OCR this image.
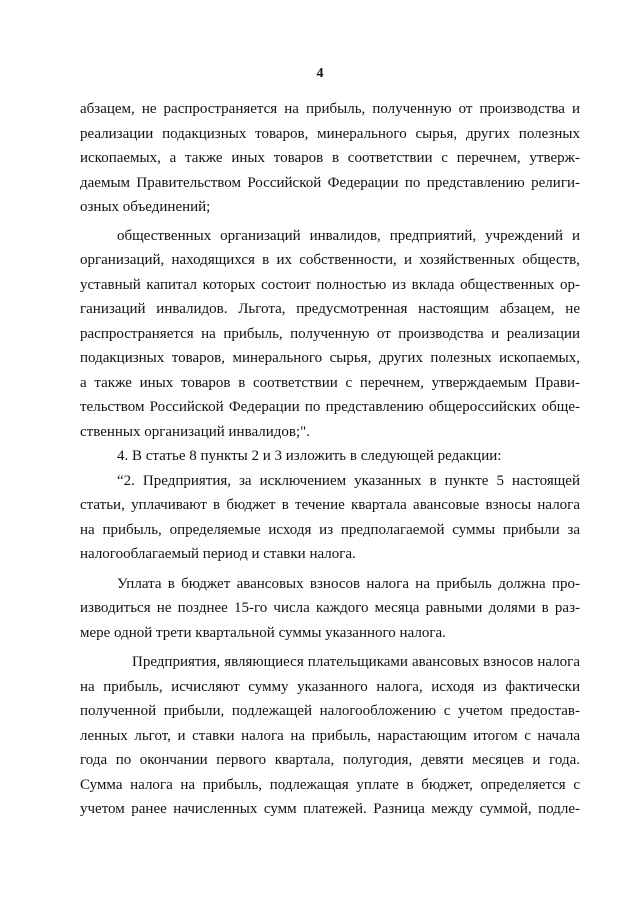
4
абзацем, не распространяется на прибыль, полученную от производства и
реализации подакцизных товаров, минерального сырья, других полезных
ископаемых, а также иных товаров в соответствии с перечнем, утверж-
даемым Правительством Российской Федерации по представлению религи-
озных объединений;
общественных организаций инвалидов, предприятий, учреждений и
организаций, находящихся в их собственности, и хозяйственных обществ,
уставный капитал которых состоит полностью из вклада общественных ор-
ганизаций инвалидов. Льгота, предусмотренная настоящим абзацем, не
распространяется на прибыль, полученную от производства и реализации
подакцизных товаров, минерального сырья, других полезных ископаемых,
а также иных товаров в соответствии с перечнем, утверждаемым Прави-
тельством Российской Федерации по представлению общероссийских обще-
ственных организаций инвалидов;".
4. В статье 8 пункты 2 и 3 изложить в следующей редакции:
“2. Предприятия, за исключением указанных в пункте 5 настоящей
статьи, уплачивают в бюджет в течение квартала авансовые взносы налога
на прибыль, определяемые исходя из предполагаемой суммы прибыли за
налогооблагаемый период и ставки налога.
Уплата в бюджет авансовых взносов налога на прибыль должна про-
изводиться не позднее 15-го числа каждого месяца равными долями в раз-
мере одной трети квартальной суммы указанного налога.
Предприятия, являющиеся плательщиками авансовых взносов налога
на прибыль, исчисляют сумму указанного налога, исходя из фактически
полученной прибыли, подлежащей налогообложению с учетом предостав-
ленных льгот, и ставки налога на прибыль, нарастающим итогом с начала
года по окончании первого квартала, полугодия, девяти месяцев и года.
Сумма налога на прибыль, подлежащая уплате в бюджет, определяется с
учетом ранее начисленных сумм платежей. Разница между суммой, подле-
